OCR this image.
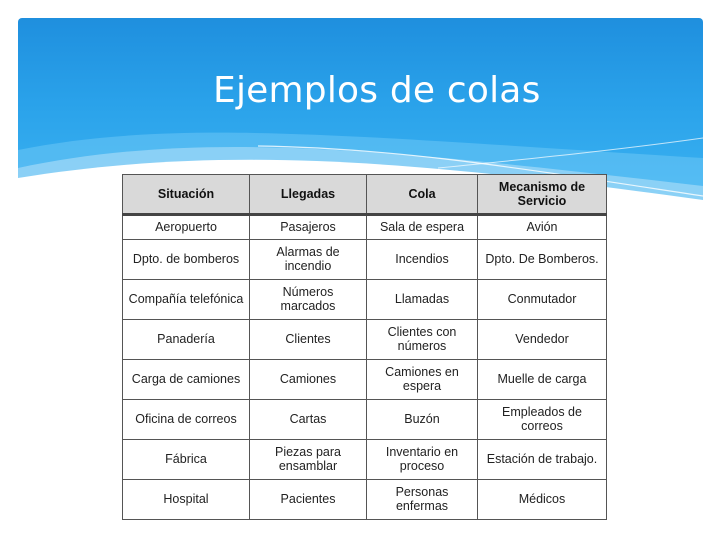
Ejemplos de colas
Situación	Llegadas	Cola	Mecanismo de Servicio
Aeropuerto	Pasajeros	Sala de espera	Avión
Dpto. de bomberos	Alarmas de incendio	Incendios	Dpto. De Bomberos.
Compañía telefónica	Números marcados	Llamadas	Conmutador
Panadería	Clientes	Clientes con números	Vendedor
Carga de camiones	Camiones	Camiones en espera	Muelle de carga
Oficina de correos	Cartas	Buzón	Empleados de correos
Fábrica	Piezas para ensamblar	Inventario en proceso	Estación de trabajo.
Hospital	Pacientes	Personas enfermas	Médicos
